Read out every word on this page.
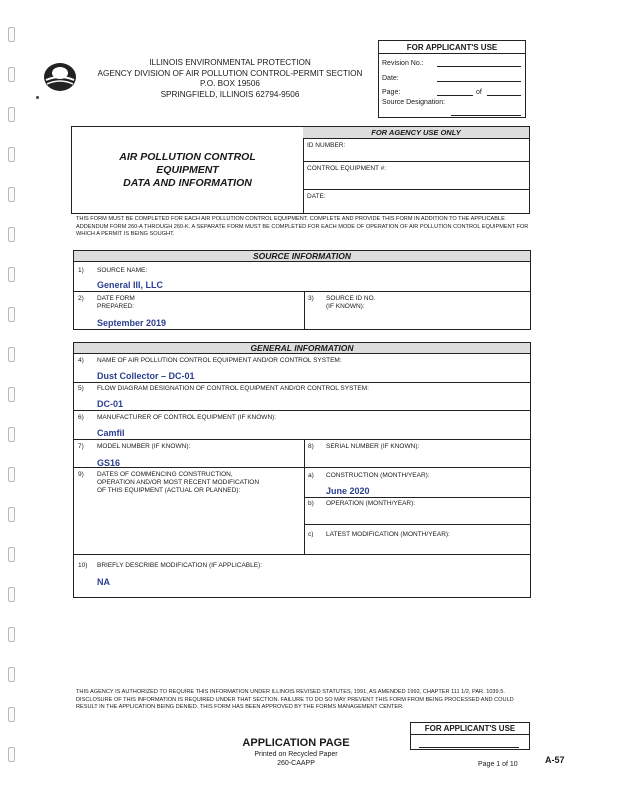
ILLINOIS ENVIRONMENTAL PROTECTION
AGENCY DIVISION OF AIR POLLUTION CONTROL-PERMIT SECTION
P.O. BOX 19506
SPRINGFIELD, ILLINOIS 62794-9506
FOR APPLICANT'S USE
Revision No.:
Date:
Page:	of
Source Designation:
AIR POLLUTION CONTROL
EQUIPMENT
DATA AND INFORMATION
FOR AGENCY USE ONLY
ID NUMBER:
CONTROL EQUIPMENT #:
DATE:
THIS FORM MUST BE COMPLETED FOR EACH AIR POLLUTION CONTROL EQUIPMENT. COMPLETE AND PROVIDE THIS FORM IN ADDITION TO THE APPLICABLE ADDENDUM FORM 260-A THROUGH 260-K. A SEPARATE FORM MUST BE COMPLETED FOR EACH MODE OF OPERATION OF AIR POLLUTION CONTROL EQUIPMENT FOR WHICH A PERMIT IS BEING SOUGHT.
SOURCE INFORMATION
1) SOURCE NAME:
General III, LLC
2) DATE FORM
PREPARED:
September 2019
3) SOURCE ID NO.
(IF KNOWN):
GENERAL INFORMATION
4) NAME OF AIR POLLUTION CONTROL EQUIPMENT AND/OR CONTROL SYSTEM:
Dust Collector – DC-01
5) FLOW DIAGRAM DESIGNATION OF CONTROL EQUIPMENT AND/OR CONTROL SYSTEM:
DC-01
6) MANUFACTURER OF CONTROL EQUIPMENT (IF KNOWN):
Camfil
7) MODEL NUMBER (IF KNOWN):
GS16
8) SERIAL NUMBER (IF KNOWN):
9) DATES OF COMMENCING CONSTRUCTION,
OPERATION AND/OR MOST RECENT MODIFICATION
OF THIS EQUIPMENT (ACTUAL OR PLANNED):
a) CONSTRUCTION (MONTH/YEAR):
June 2020
b) OPERATION (MONTH/YEAR):
c) LATEST MODIFICATION (MONTH/YEAR):
10) BRIEFLY DESCRIBE MODIFICATION (IF APPLICABLE):
NA
THIS AGENCY IS AUTHORIZED TO REQUIRE THIS INFORMATION UNDER ILLINOIS REVISED STATUTES, 1991, AS AMENDED 1992, CHAPTER 111 1/2, PAR. 1039.5. DISCLOSURE OF THIS INFORMATION IS REQUIRED UNDER THAT SECTION. FAILURE TO DO SO MAY PREVENT THIS FORM FROM BEING PROCESSED AND COULD RESULT IN THE APPLICATION BEING DENIED. THIS FORM HAS BEEN APPROVED BY THE FORMS MANAGEMENT CENTER.
FOR APPLICANT'S USE
APPLICATION PAGE
Printed on Recycled Paper
260-CAAPP	Page 1 of 10	A-57
